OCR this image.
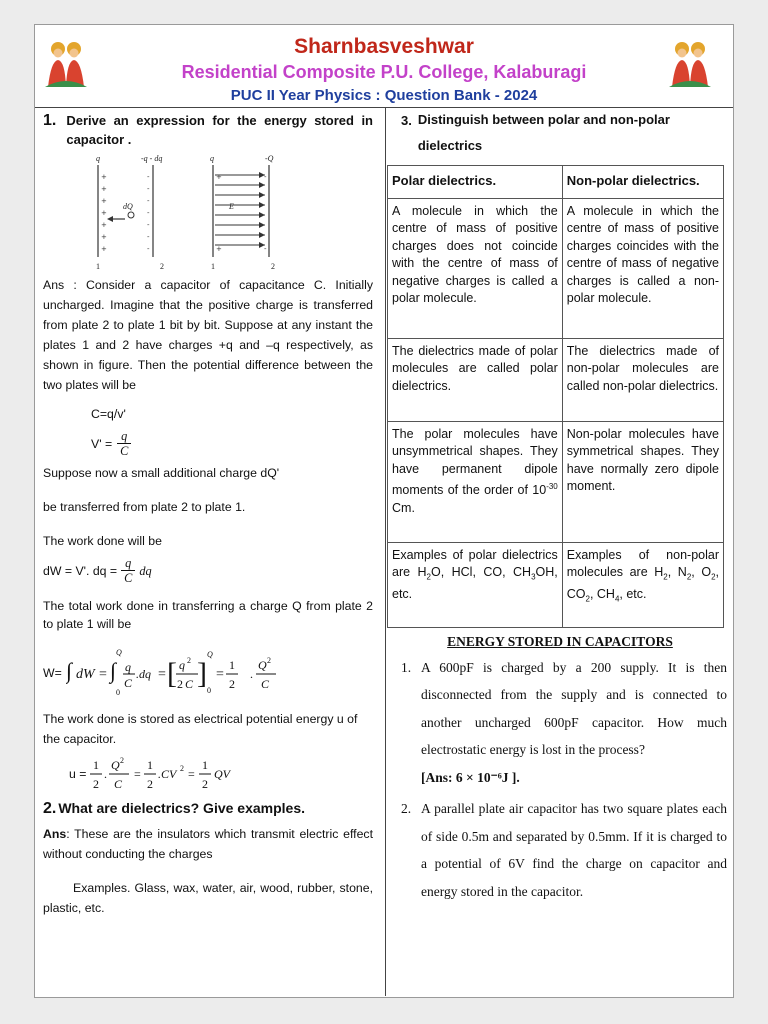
Sharnbasveshwar
Residential Composite P.U. College, Kalaburagi
PUC II Year Physics : Question Bank - 2024
1. Derive an expression for the energy stored in capacitor .
q	-q - dq
dQ
1	2
q	-Q
E
1	2
+
+
+
+
+
+
+
-
-
-
-
-
-
-
+
+
-
-

Ans : Consider a capacitor of capacitance C. Initially uncharged. Imagine that the positive charge is transferred from plate 2 to plate 1 bit by bit. Suppose at any instant the plates 1 and 2 have charges +q and –q respectively, as shown in figure. Then the potential difference between the two plates will be

C=q/v'
$V' = \frac{q}{C}$

Suppose now a small additional charge dQ'

be transferred from plate 2 to plate 1.

The work done will be

dW = V'. dq = $\frac{q}{C}$ dq

The total work done in transferring a charge Q from plate 2 to plate 1 will be

W= ∫ dW = ∫
Q
0
q
C
.dq = [ q 2
2 C ]
Q
0
=
1
2
.
Q 2
C

The work done is stored as electrical potential energy u of the capacitor.

u =
1
2
.
Q 2
C
=
1
2
.CV 2 =
1
2
QV
2. What are dielectrics? Give examples.

Ans: These are the insulators which transmit electric effect without conducting the charges

Examples. Glass, wax, water, air, wood, rubber, stone, plastic, etc.

3. Distinguish between polar and non-polar dielectrics
Polar dielectrics.	Non-polar dielectrics.
A molecule in which the centre of mass of positive charges does not coincide with the centre of mass of negative charges is called a polar molecule.	A molecule in which the centre of mass of positive charges coincides with the centre of mass of negative charges is called a non-polar molecule.
The dielectrics made of polar molecules are called polar dielectrics.	The dielectrics made of non-polar molecules are called non-polar dielectrics.
The polar molecules have unsymmetrical shapes. They have permanent dipole moments of the order of $10^{-30}$ Cm.	Non-polar molecules have symmetrical shapes. They have normally zero dipole moment.
Examples of polar dielectrics are $H_2O$, HCl, CO, $CH_3OH$, etc.	Examples of non-polar molecules are $H_2$, $N_2$, $O_2$, $CO_2$, $CH_4$, etc.
ENERGY STORED IN CAPACITORS
1. A 600pF is charged by a 200 supply. It is then disconnected from the supply and is connected to another uncharged 600pF capacitor. How much electrostatic energy is lost in the process?

[Ans: 6 × 10⁻⁶J ].

2. A parallel plate air capacitor has two square plates each of side 0.5m and separated by 0.5mm. If it is charged to a potential of 6V find the charge on capacitor and energy stored in the capacitor.
